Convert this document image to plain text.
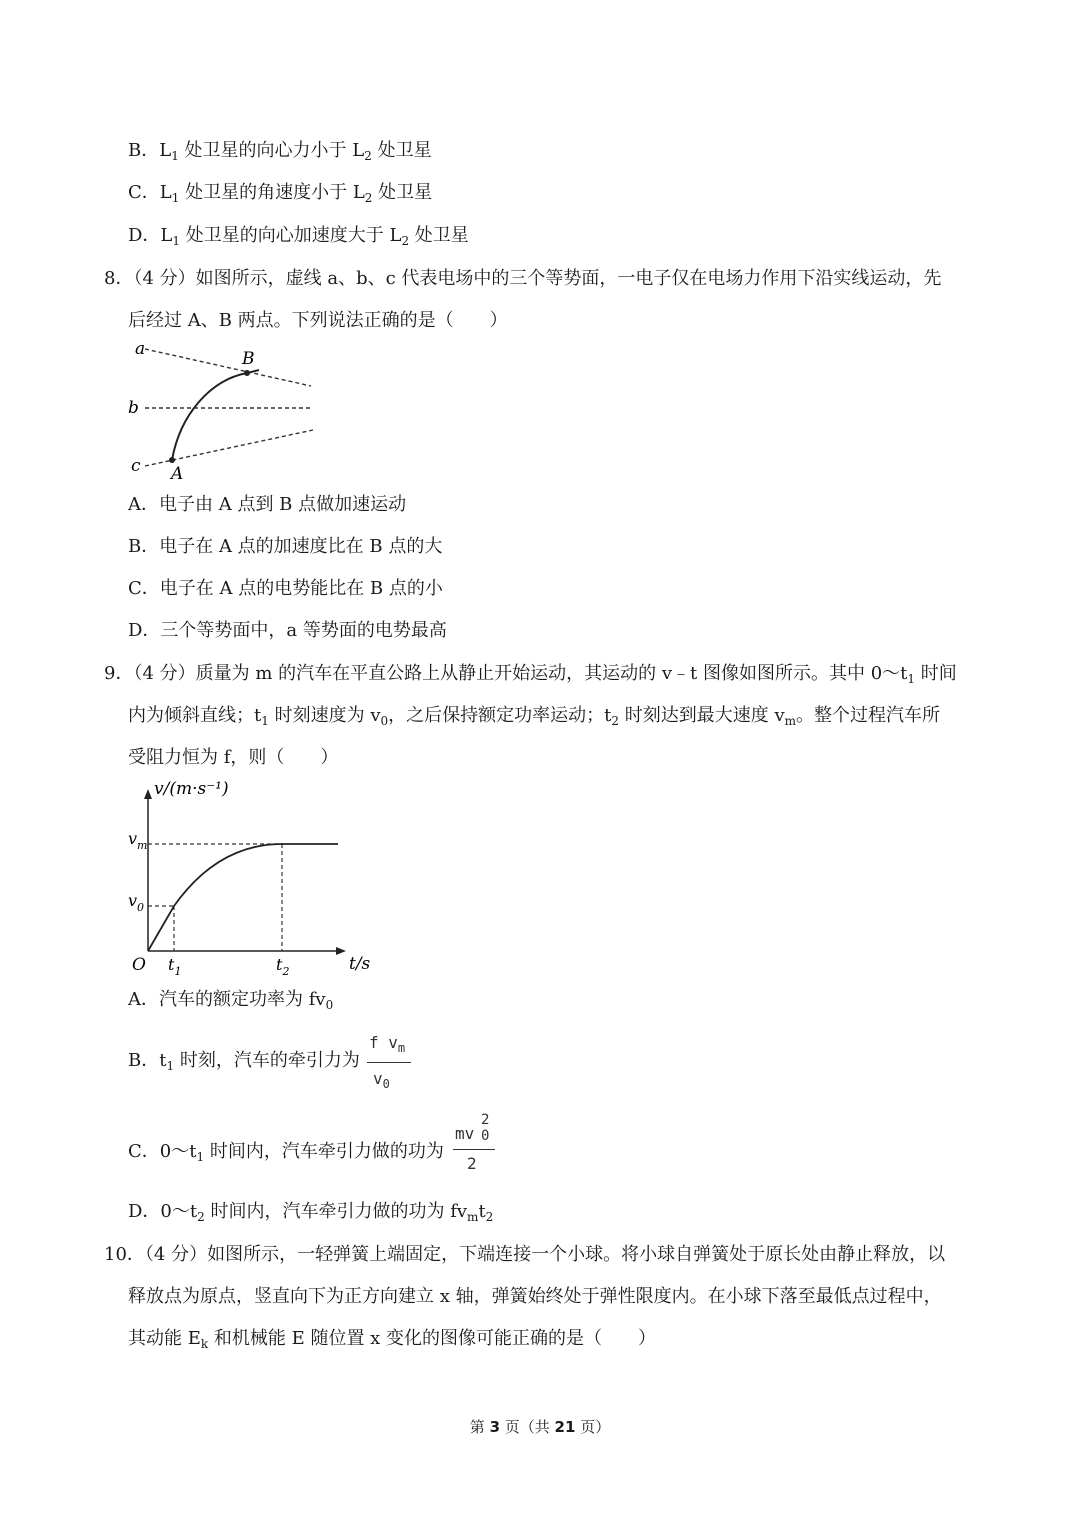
B．$L_1$ 处卫星的向心力小于 $L_2$ 处卫星
C．$L_1$ 处卫星的角速度小于 $L_2$ 处卫星
D．$L_1$ 处卫星的向心加速度大于 $L_2$ 处卫星
8．（4 分）如图所示，虚线 a、b、c 代表电场中的三个等势面，一电子仅在电场力作用下沿实线运动，先
后经过 A、B 两点。下列说法正确的是（　　）
a
b
c A
B
A．电子由 A 点到 B 点做加速运动
B．电子在 A 点的加速度比在 B 点的大
C．电子在 A 点的电势能比在 B 点的小
D．三个等势面中，a 等势面的电势最高
9．（4 分）质量为 m 的汽车在平直公路上从静止开始运动，其运动的 v﹣t 图像如图所示。其中 $0\sim t_1$ 时间
内为倾斜直线；$t_1$ 时刻速度为 $v_0$，之后保持额定功率运动；$t_2$ 时刻达到最大速度 $v_m$。整个过程汽车所
受阻力恒为 f，则（　　）
v/(m·s⁻¹)
t/s
O
$v_m$
$v_0$
$t_1$	$t_2$
A．汽车的额定功率为 $fv_0$
B．$t_1$ 时刻，汽车的牵引力为
f $v_m$
$v_0$
C．$0\sim t_1$ 时间内，汽车牵引力做的功为
mv
2
0
2
D．$0\sim t_2$ 时间内，汽车牵引力做的功为 $fv_mt_2$
10．（4 分）如图所示，一轻弹簧上端固定，下端连接一个小球。将小球自弹簧处于原长处由静止释放，以
释放点为原点，竖直向下为正方向建立 x 轴，弹簧始终处于弹性限度内。在小球下落至最低点过程中，
其动能 $E_k$ 和机械能 E 随位置 x 变化的图像可能正确的是（　　）
第 3 页（共 21 页）
